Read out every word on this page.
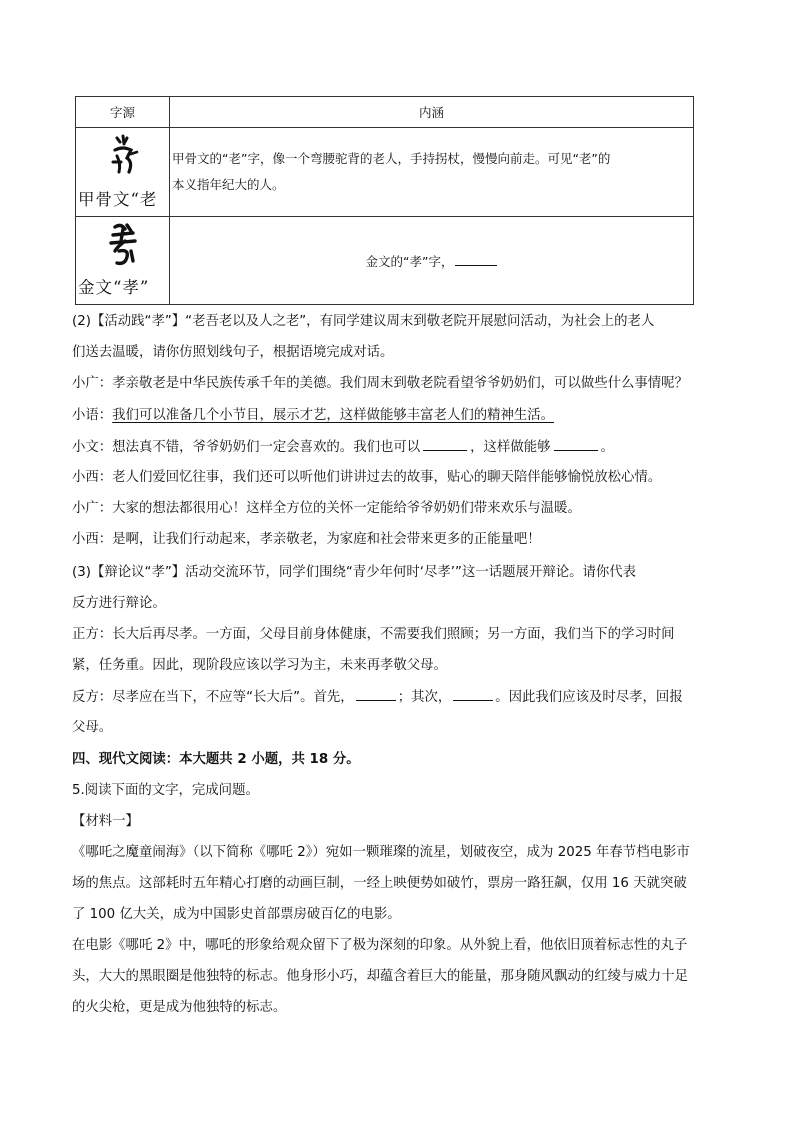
字源	内涵

甲骨文“老	甲骨文的“老”字，像一个弯腰驼背的老人，手持拐杖，慢慢向前走。可见“老”的
本义指年纪大的人。

金文“孝”	金文的“孝”字，
(2)【活动践“孝”】“老吾老以及人之老”，有同学建议周末到敬老院开展慰问活动，为社会上的老人
们送去温暖，请你仿照划线句子，根据语境完成对话。
小广：孝亲敬老是中华民族传承千年的美德。我们周末到敬老院看望爷爷奶奶们，可以做些什么事情呢？
小语：我们可以准备几个小节目，展示才艺，这样做能够丰富老人们的精神生活。
小文：想法真不错，爷爷奶奶们一定会喜欢的。我们也可以	，这样做能够	。
小西：老人们爱回忆往事，我们还可以听他们讲讲过去的故事，贴心的聊天陪伴能够愉悦放松心情。
小广：大家的想法都很用心！这样全方位的关怀一定能给爷爷奶奶们带来欢乐与温暖。
小西：是啊，让我们行动起来，孝亲敬老，为家庭和社会带来更多的正能量吧！
(3)【辩论议“孝”】活动交流环节，同学们围绕“青少年何时‘尽孝’”这一话题展开辩论。请你代表
反方进行辩论。
正方：长大后再尽孝。一方面，父母目前身体健康，不需要我们照顾；另一方面，我们当下的学习时间
紧，任务重。因此，现阶段应该以学习为主，未来再孝敬父母。
反方：尽孝应在当下，不应等“长大后”。首先，	；其次，	。因此我们应该及时尽孝，回报
父母。
四、现代文阅读：本大题共 2 小题，共 18 分。
5.阅读下面的文字，完成问题。
【材料一】
《哪吒之魔童闹海》（以下简称《哪吒 2》）宛如一颗璀璨的流星，划破夜空，成为 2025 年春节档电影市
场的焦点。这部耗时五年精心打磨的动画巨制，一经上映便势如破竹，票房一路狂飙，仅用 16 天就突破
了 100 亿大关，成为中国影史首部票房破百亿的电影。
在电影《哪吒 2》中，哪吒的形象给观众留下了极为深刻的印象。从外貌上看，他依旧顶着标志性的丸子
头，大大的黑眼圈是他独特的标志。他身形小巧，却蕴含着巨大的能量，那身随风飘动的红绫与威力十足
的火尖枪，更是成为他独特的标志。
